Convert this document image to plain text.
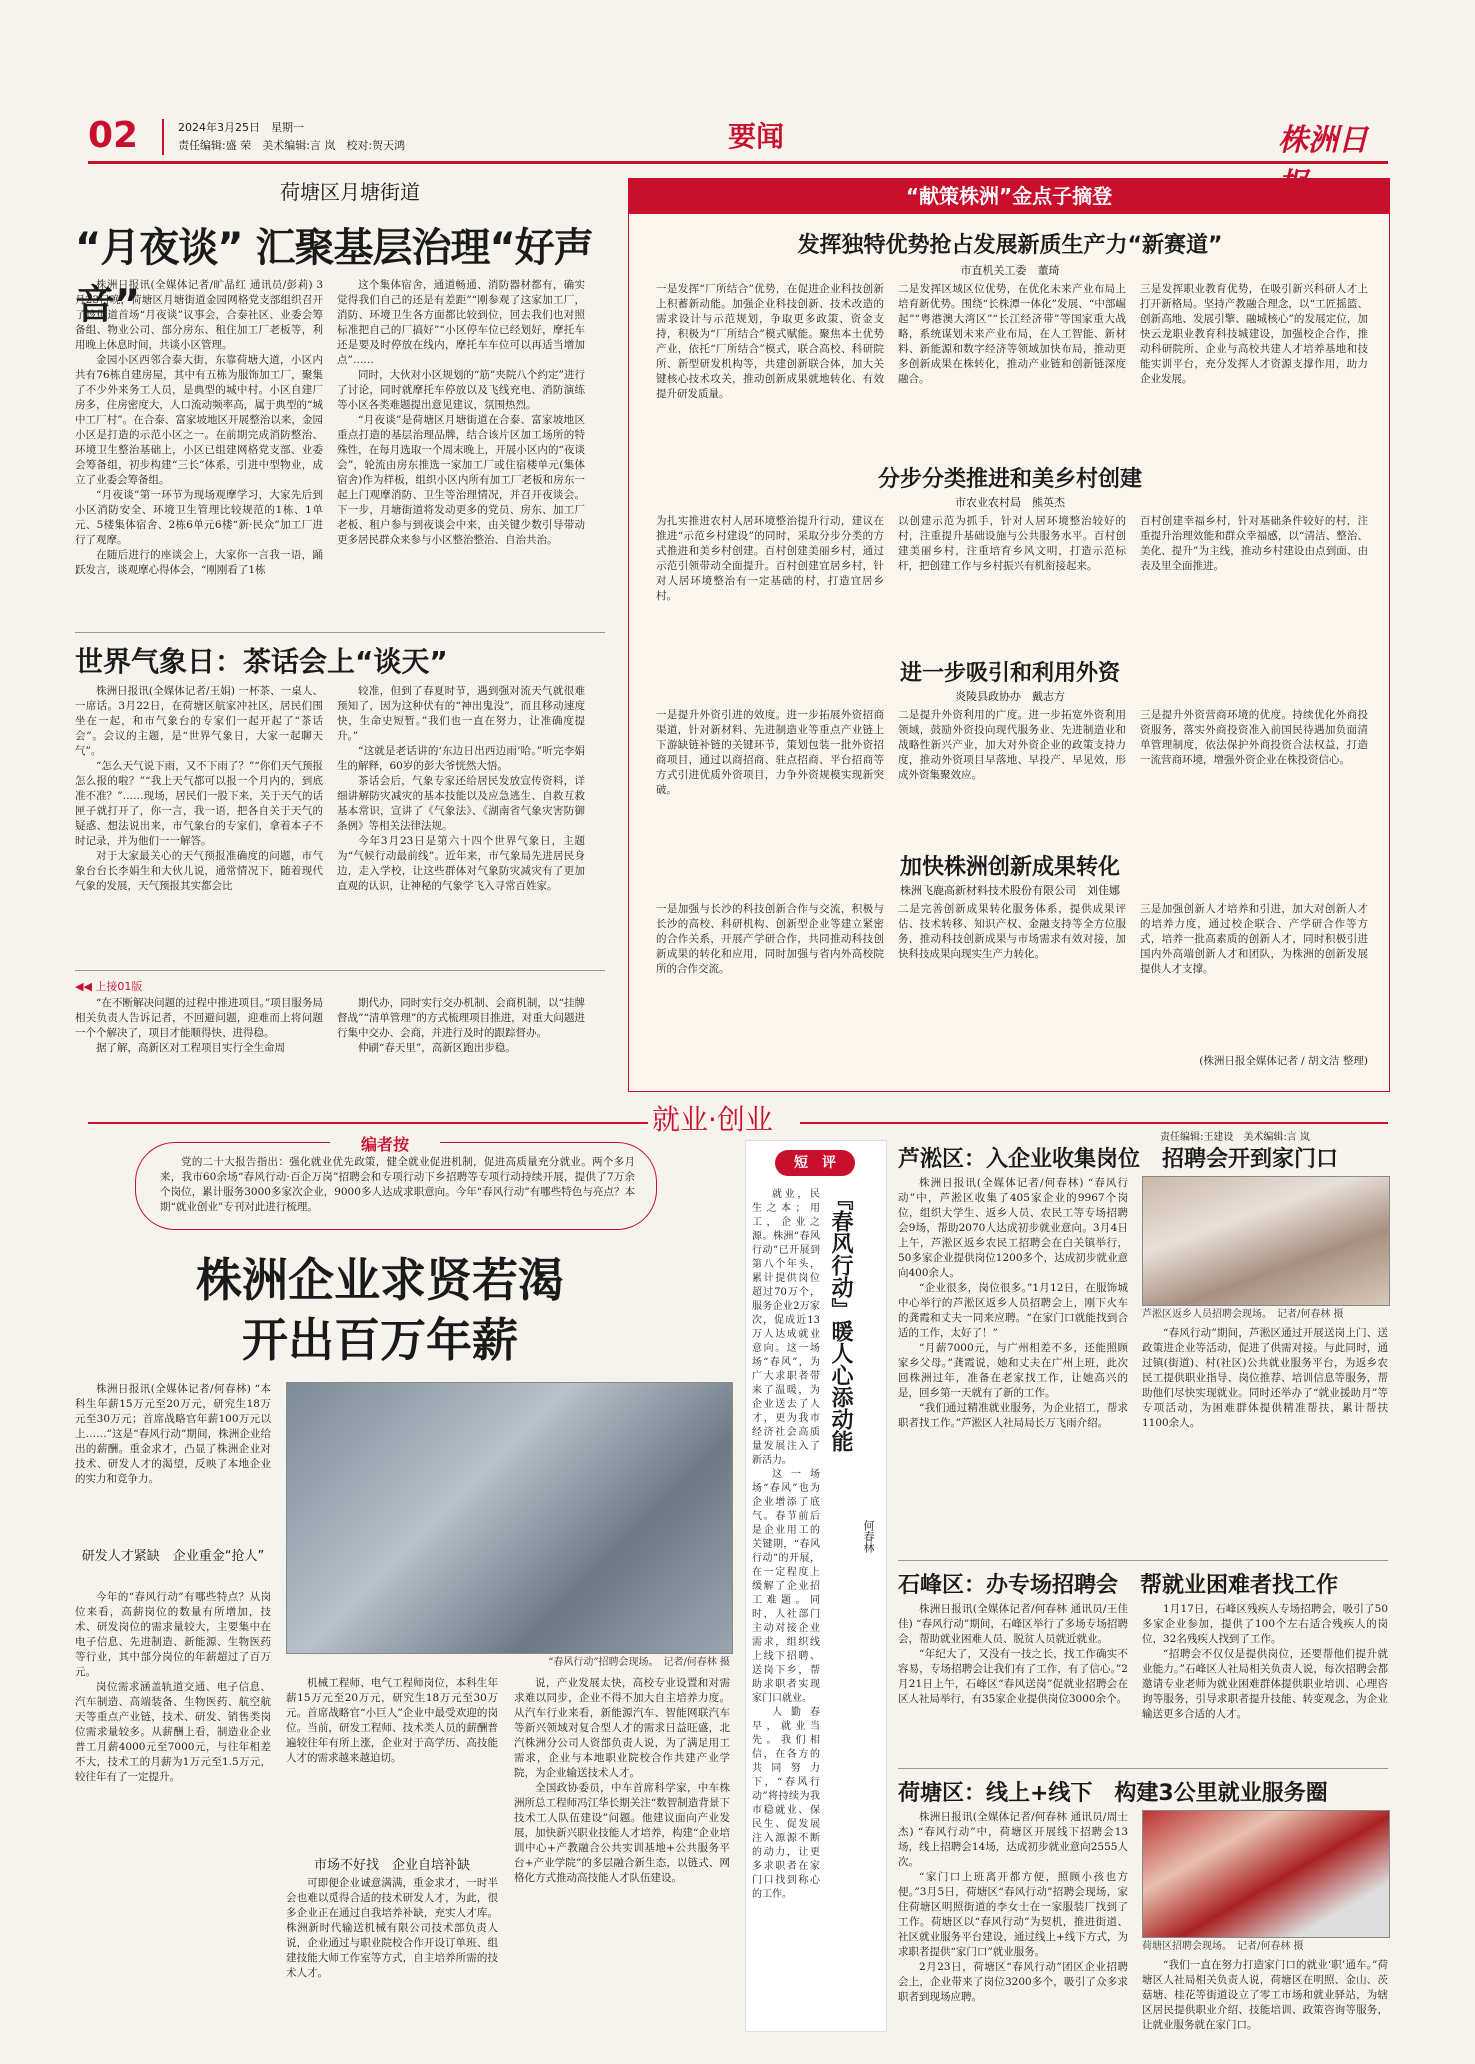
02	2024年3月25日　星期一
责任编辑:盛 荣　美术编辑:言 岚　校对:贺天鸿	要闻	株洲日
荷塘区月塘街道
“月夜谈” 汇聚基层治理“好声音”

株洲日报讯(全媒体记者/旷晶红 通讯员/彭莉) 3月23日晚，荷塘区月塘街道金园网格党支部组织召开了该街道首场“月夜谈”议事会，合泰社区、业委会筹备组、物业公司、部分房东、租住加工厂老板等，利用晚上休息时间，共谈小区管理。

金园小区西邻合泰大街，东靠荷塘大道，小区内共有76栋自建房屋，其中有五栋为服饰加工厂，聚集了不少外来务工人员，是典型的城中村。小区自建厂房多，住房密度大，人口流动频率高，属于典型的“城中工厂村”。在合泰、富家坡地区开展整治以来，金园小区是打造的示范小区之一。在前期完成消防整治、环境卫生整治基础上，小区已组建网格党支部、业委会筹备组，初步构建“三长”体系，引进中型物业，成立了业委会筹备组。

“月夜谈”第一环节为现场观摩学习，大家先后到小区消防安全、环境卫生管理比较规范的1栋、1单元、5楼集体宿舍、2栋6单元6楼“新·民众”加工厂进行了观摩。

在随后进行的座谈会上，大家你一言我一语，踊跃发言，谈观摩心得体会，“刚刚看了1栋

这个集体宿舍，通道畅通、消防器材都有，确实觉得我们自己的还是有差距”“刚参观了这家加工厂，消防、环境卫生各方面都比较到位，回去我们也对照标准把自己的厂搞好”“小区停车位已经划好，摩托车还是要及时停放在线内，摩托车车位可以再适当增加点”……

同时，大伙对小区规划的“筋”夹院八个约定”进行了讨论，同时就摩托车停放以及飞线充电、消防演练等小区各类难题提出意见建议，氛围热烈。

“月夜谈”是荷塘区月塘街道在合泰、富家坡地区重点打造的基层治理品牌，结合该片区加工场所的特殊性，在每月选取一个周末晚上，开展小区内的“夜谈会”，轮流由房东推选一家加工厂或住宿楼单元(集体宿舍)作为样板，组织小区内所有加工厂老板和房东一起上门观摩消防、卫生等治理情况，并召开夜谈会。下一步，月塘街道将发动更多的党员、房东、加工厂老板、租户参与到夜谈会中来，由关键少数引导带动更多居民群众来参与小区整治整治、自治共治。

世界气象日：茶话会上“谈天”

株洲日报讯(全媒体记者/王娟) 一杯茶、一桌人、一席话。3月22日，在荷塘区航家冲社区，居民们围坐在一起，和市气象台的专家们一起开起了“茶话会”。会议的主题，是“世界气象日，大家一起聊天气”。

“怎么天气说下雨，又不下雨了？”“你们天气预报怎么报的啦？”“我上天气都可以报一个月内的，到底准不准？”……现场，居民们一股下来，关于天气的话匣子就打开了，你一言，我一语，把各自关于天气的疑惑、想法说出来，市气象台的专家们，拿着本子不时记录，并为他们一一解答。

对于大家最关心的天气预报准确度的问题，市气象台台长李娟生和大伙儿说，通常情况下，随着现代气象的发展，天气预报其实都会比

较准，但到了春夏时节，遇到强对流天气就很难预知了，因为这种伏有的“神出鬼没”，而且移动速度快，生命史短暂。”我们也一直在努力，让准确度提升。”

“这就是老话讲的‘东边日出西边雨’哈。”听完李娟生的解释，60岁的彭大爷恍然大悟。

茶话会后，气象专家还给居民发放宣传资料，详细讲解防灾减灾的基本技能以及应急逃生、自救互救基本常识，宣讲了《气象法》、《湖南省气象灾害防御条例》等相关法律法规。

今年3月23日是第六十四个世界气象日，主题为“气候行动最前线”。近年来，市气象局先进居民身边，走入学校，让这些群体对气象防灾减灾有了更加直观的认识，让神秘的气象学飞入寻常百姓家。

◀◀ 上接01版

“在不断解决问题的过程中推进项目。”项目服务局相关负责人告诉记者，不回避问题，迎难而上将问题一个个解决了，项目才能顺得快、进得稳。

据了解，高新区对工程项目实行全生命周

期代办，同时实行交办机制、会商机制，以“挂牌督战”“清单管理”的方式梳理项目推进，对重大问题进行集中交办、会商，并进行及时的跟踪督办。

仲刷“春天里”，高新区跑出步稳。

“献策株洲”金点子摘登
发挥独特优势抢占发展新质生产力“新赛道”
市直机关工委　董琦
一是发挥“厂所结合”优势，在促进企业科技创新上积蓄新动能。加强企业科技创新、技术改造的需求设计与示范规划，争取更多政策、资金支持，积极为“厂所结合”模式赋能。聚焦本土优势产业，依托“厂所结合”模式，联合高校、科研院所、新型研发机构等，共建创新联合体，加大关键核心技术攻关，推动创新成果就地转化、有效提升研发质量。
二是发挥区域区位优势，在优化未来产业布局上培育新优势。围绕“长株潭一体化”发展、“中部崛起”“粤港澳大湾区”“长江经济带”等国家重大战略，系统谋划未来产业布局，在人工智能、新材料、新能源和数字经济等领域加快布局，推动更多创新成果在株转化，推动产业链和创新链深度融合。
三是发挥职业教育优势，在吸引新兴科研人才上打开新格局。坚持产教融合理念，以“工匠摇篮、创新高地、发展引擎、融城核心”的发展定位，加快云龙职业教育科技城建设，加强校企合作，推动科研院所、企业与高校共建人才培养基地和技能实训平台，充分发挥人才资源支撑作用，助力企业发展。
分步分类推进和美乡村创建
市农业农村局　熊英杰
为扎实推进农村人居环境整治提升行动，建议在推进“示范乡村建设”的同时，采取分步分类的方式推进和美乡村创建。百村创建美丽乡村，通过示范引领带动全面提升。百村创建宜居乡村，针对人居环境整治有一定基础的村，打造宜居乡村。
以创建示范为抓手，针对人居环境整治较好的村，注重提升基础设施与公共服务水平。百村创建美丽乡村，注重培育乡风文明，打造示范标杆，把创建工作与乡村振兴有机衔接起来。
百村创建幸福乡村，针对基础条件较好的村，注重提升治理效能和群众幸福感，以“清洁、整治、美化、提升”为主线，推动乡村建设由点到面、由表及里全面推进。
进一步吸引和利用外资
炎陵县政协办　戴志方
一是提升外资引进的效度。进一步拓展外资招商渠道，针对新材料、先进制造业等重点产业链上下游缺链补链的关键环节，策划包装一批外资招商项目，通过以商招商、驻点招商、平台招商等方式引进优质外资项目，力争外资规模实现新突破。
二是提升外资利用的广度。进一步拓宽外资利用领域，鼓励外资投向现代服务业、先进制造业和战略性新兴产业，加大对外资企业的政策支持力度，推动外资项目早落地、早投产、早见效，形成外资集聚效应。
三是提升外资营商环境的优度。持续优化外商投资服务，落实外商投资准入前国民待遇加负面清单管理制度，依法保护外商投资合法权益，打造一流营商环境，增强外资企业在株投资信心。
加快株洲创新成果转化
株洲飞鹿高新材料技术股份有限公司　刘佳娜
一是加强与长沙的科技创新合作与交流，积极与长沙的高校、科研机构、创新型企业等建立紧密的合作关系，开展产学研合作，共同推动科技创新成果的转化和应用，同时加强与省内外高校院所的合作交流。
二是完善创新成果转化服务体系，提供成果评估、技术转移、知识产权、金融支持等全方位服务，推动科技创新成果与市场需求有效对接，加快科技成果向现实生产力转化。
三是加强创新人才培养和引进，加大对创新人才的培养力度，通过校企联合、产学研合作等方式，培养一批高素质的创新人才，同时积极引进国内外高端创新人才和团队，为株洲的创新发展提供人才支撑。
(株洲日报全媒体记者 / 胡文洁 整理)
就业·创业
责任编辑:王建设　美术编辑:言 岚
编者按
党的二十大报告指出：强化就业优先政策，健全就业促进机制，促进高质量充分就业。两个多月来，我市60余场“春风行动·百企万岗”招聘会和专项行动下乡招聘等专项行动持续开展，提供了7万余个岗位，累计服务3000多家次企业，9000多人达成求职意向。今年“春风行动”有哪些特色与亮点？本期“就业创业”专刊对此进行梳理。
株洲企业求贤若渴
开出百万年薪
株洲日报讯(全媒体记者/何春林) “本科生年薪15万元至20万元，研究生18万元至30万元；首席战略官年薪100万元以上……”这是“春风行动”期间，株洲企业给出的薪酬。重金求才，凸显了株洲企业对技术、研发人才的渴望，反映了本地企业的实力和竞争力。
研发人才紧缺　企业重金“抢人”

今年的“春风行动”有哪些特点？从岗位来看，高薪岗位的数量有所增加，技术、研发岗位的需求量较大，主要集中在电子信息、先进制造、新能源、生物医药等行业，其中部分岗位的年薪超过了百万元。

岗位需求涵盖轨道交通、电子信息、汽车制造、高端装备、生物医药、航空航天等重点产业链，技术、研发、销售类岗位需求量较多。从薪酬上看，制造业企业普工月薪4000元至7000元，与往年相差不大，技术工的月薪为1万元至1.5万元，较往年有了一定提升。

“春风行动”招聘会现场。　记者/何春林 摄

机械工程师、电气工程师岗位，本科生年薪15万元至20万元，研究生18万元至30万元。首席战略官“小巨人”企业中最受欢迎的岗位。当前，研发工程师、技术类人员的薪酬普遍较往年有所上涨，企业对于高学历、高技能人才的需求越来越迫切。

市场不好找　企业自培补缺

可即便企业诚意满满，重金求才，一时半会也难以觅得合适的技术研发人才，为此，很多企业正在通过自我培养补缺，充实人才库。株洲新时代输送机械有限公司技术部负责人说，企业通过与职业院校合作开设订单班、组建技能大师工作室等方式，自主培养所需的技术人才。

说，产业发展太快，高校专业设置和对需求难以同步，企业不得不加大自主培养力度。从汽车行业来看，新能源汽车、智能网联汽车等新兴领域对复合型人才的需求日益旺盛，北汽株洲分公司人资部负责人说，为了满足用工需求，企业与本地职业院校合作共建产业学院，为企业输送技术人才。

全国政协委员，中车首席科学家，中车株洲所总工程师冯江华长期关注“数智制造背景下技术工人队伍建设”问题。他建议面向产业发展，加快新兴职业技能人才培养，构建“企业培训中心+产教融合公共实训基地+公共服务平台+产业学院”的多层融合新生态，以链式、网格化方式推动高技能人才队伍建设。

短　评

就业，民生之本；用工，企业之源。株洲“春风行动”已开展到第八个年头，累计提供岗位超过70万个，服务企业2万家次，促成近13万人达成就业意向。这一场场“春风”，为广大求职者带来了温暖，为企业送去了人才，更为我市经济社会高质量发展注入了新活力。

这一场场“春风”也为企业增添了底气。春节前后是企业用工的关键期，“春风行动”的开展，在一定程度上缓解了企业招工难题。同时，人社部门主动对接企业需求，组织线上线下招聘、送岗下乡，帮助求职者实现家门口就业。

人勤春早，就业当先。我们相信，在各方的共同努力下，“春风行动”将持续为我市稳就业、保民生、促发展注入源源不断的动力，让更多求职者在家门口找到称心的工作。

『春风行动』暖人心添动能
何春林
芦淞区：入企业收集岗位　招聘会开到家门口

株洲日报讯(全媒体记者/何春林) “春风行动”中，芦淞区收集了405家企业的9967个岗位，组织大学生、返乡人员、农民工等专场招聘会9场，帮助2070人达成初步就业意向。3月4日上午，芦淞区返乡农民工招聘会在白关镇举行，50多家企业提供岗位1200多个，达成初步就业意向400余人。

“企业很多，岗位很多。”1月12日，在服饰城中心举行的芦淞区返乡人员招聘会上，刚下火车的龚霞和丈夫一同来应聘。“在家门口就能找到合适的工作，太好了！”

“月薪7000元，与广州相差不多，还能照顾家乡父母。”龚霞说，她和丈夫在广州上班，此次回株洲过年，准备在老家找工作，让她高兴的是，回乡第一天就有了新的工作。

“我们通过精准就业服务，为企业招工，帮求职者找工作。”芦淞区人社局局长万飞雨介绍。

芦淞区返乡人员招聘会现场。　记者/何春林 摄
“春风行动”期间，芦淞区通过开展送岗上门、送政策进企业等活动，促进了供需对接。与此同时，通过镇(街道)、村(社区)公共就业服务平台，为返乡农民工提供职业指导、岗位推荐、培训信息等服务，帮助他们尽快实现就业。同时还举办了“就业援助月”等专项活动，为困难群体提供精准帮扶，累计帮扶1100余人。
石峰区：办专场招聘会　帮就业困难者找工作

株洲日报讯(全媒体记者/何春林 通讯员/王佳佳) “春风行动”期间，石峰区举行了多场专场招聘会，帮助就业困难人员、脱贫人员就近就业。

“年纪大了，又没有一技之长，找工作确实不容易，专场招聘会让我们有了工作，有了信心。”2月21日上午，石峰区“春风送岗”促就业招聘会在区人社局举行，有35家企业提供岗位3000余个。

1月17日，石峰区残疾人专场招聘会，吸引了50多家企业参加，提供了100个左右适合残疾人的岗位，32名残疾人找到了工作。

“招聘会不仅仅是提供岗位，还要帮他们提升就业能力。”石峰区人社局相关负责人说，每次招聘会都邀请专业老师为就业困难群体提供职业培训、心理咨询等服务，引导求职者提升技能、转变观念，为企业输送更多合适的人才。

荷塘区：线上+线下　构建3公里就业服务圈

株洲日报讯(全媒体记者/何春林 通讯员/周士杰) “春风行动”中，荷塘区开展线下招聘会13场，线上招聘会14场，达成初步就业意向2555人次。

“家门口上班离开都方便，照顾小孩也方便。”3月5日，荷塘区“春风行动”招聘会现场，家住荷塘区明照街道的李女士在一家服装厂找到了工作。荷塘区以“春风行动”为契机，推进街道、社区就业服务平台建设，通过线上+线下方式，为求职者提供“家门口”就业服务。

2月23日，荷塘区“春风行动”团区企业招聘会上，企业带来了岗位3200多个，吸引了众多求职者到现场应聘。

荷塘区招聘会现场。　记者/何春林 摄
“我们一直在努力打造家门口的就业‘职’通车。”荷塘区人社局相关负责人说，荷塘区在明照、金山、茨菇塘、桂花等街道设立了零工市场和就业驿站，为辖区居民提供职业介绍、技能培训、政策咨询等服务，让就业服务就在家门口。
